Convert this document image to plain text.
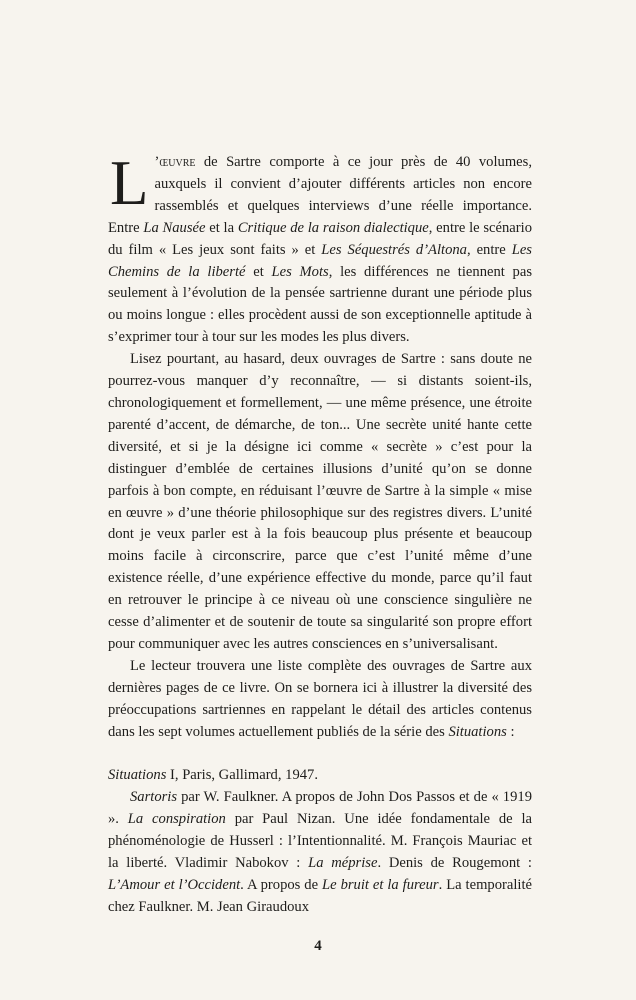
L ’œuvre de Sartre comporte à ce jour près de 40 volumes, auxquels il convient d’ajouter différents articles non encore rassemblés et quelques interviews d’une réelle importance. Entre La Nausée et la Critique de la raison dialectique, entre le scénario du film « Les jeux sont faits » et Les Séquestrés d’Altona, entre Les Chemins de la liberté et Les Mots, les différences ne tiennent pas seulement à l’évolution de la pensée sartrienne durant une période plus ou moins longue : elles procèdent aussi de son exceptionnelle aptitude à s’exprimer tour à tour sur les modes les plus divers.

Lisez pourtant, au hasard, deux ouvrages de Sartre : sans doute ne pourrez-vous manquer d’y reconnaître, — si distants soient-ils, chronologiquement et formellement, — une même présence, une étroite parenté d’accent, de démarche, de ton... Une secrète unité hante cette diversité, et si je la désigne ici comme « secrète » c’est pour la distinguer d’emblée de certaines illusions d’unité qu’on se donne parfois à bon compte, en réduisant l’œuvre de Sartre à la simple « mise en œuvre » d’une théorie philosophique sur des registres divers. L’unité dont je veux parler est à la fois beaucoup plus présente et beaucoup moins facile à circonscrire, parce que c’est l’unité même d’une existence réelle, d’une expérience effective du monde, parce qu’il faut en retrouver le principe à ce niveau où une conscience singulière ne cesse d’alimenter et de soutenir de toute sa singularité son propre effort pour communiquer avec les autres consciences en s’universalisant.

Le lecteur trouvera une liste complète des ouvrages de Sartre aux dernières pages de ce livre. On se bornera ici à illustrer la diversité des préoccupations sartriennes en rappelant le détail des articles contenus dans les sept volumes actuellement publiés de la série des Situations :

Situations I, Paris, Gallimard, 1947.

Sartoris par W. Faulkner. A propos de John Dos Passos et de « 1919 ». La conspiration par Paul Nizan. Une idée fondamentale de la phénoménologie de Husserl : l’Intentionnalité. M. François Mauriac et la liberté. Vladimir Nabokov : La méprise. Denis de Rougemont : L’Amour et l’Occident. A propos de Le bruit et la fureur. La temporalité chez Faulkner. M. Jean Giraudoux

4
